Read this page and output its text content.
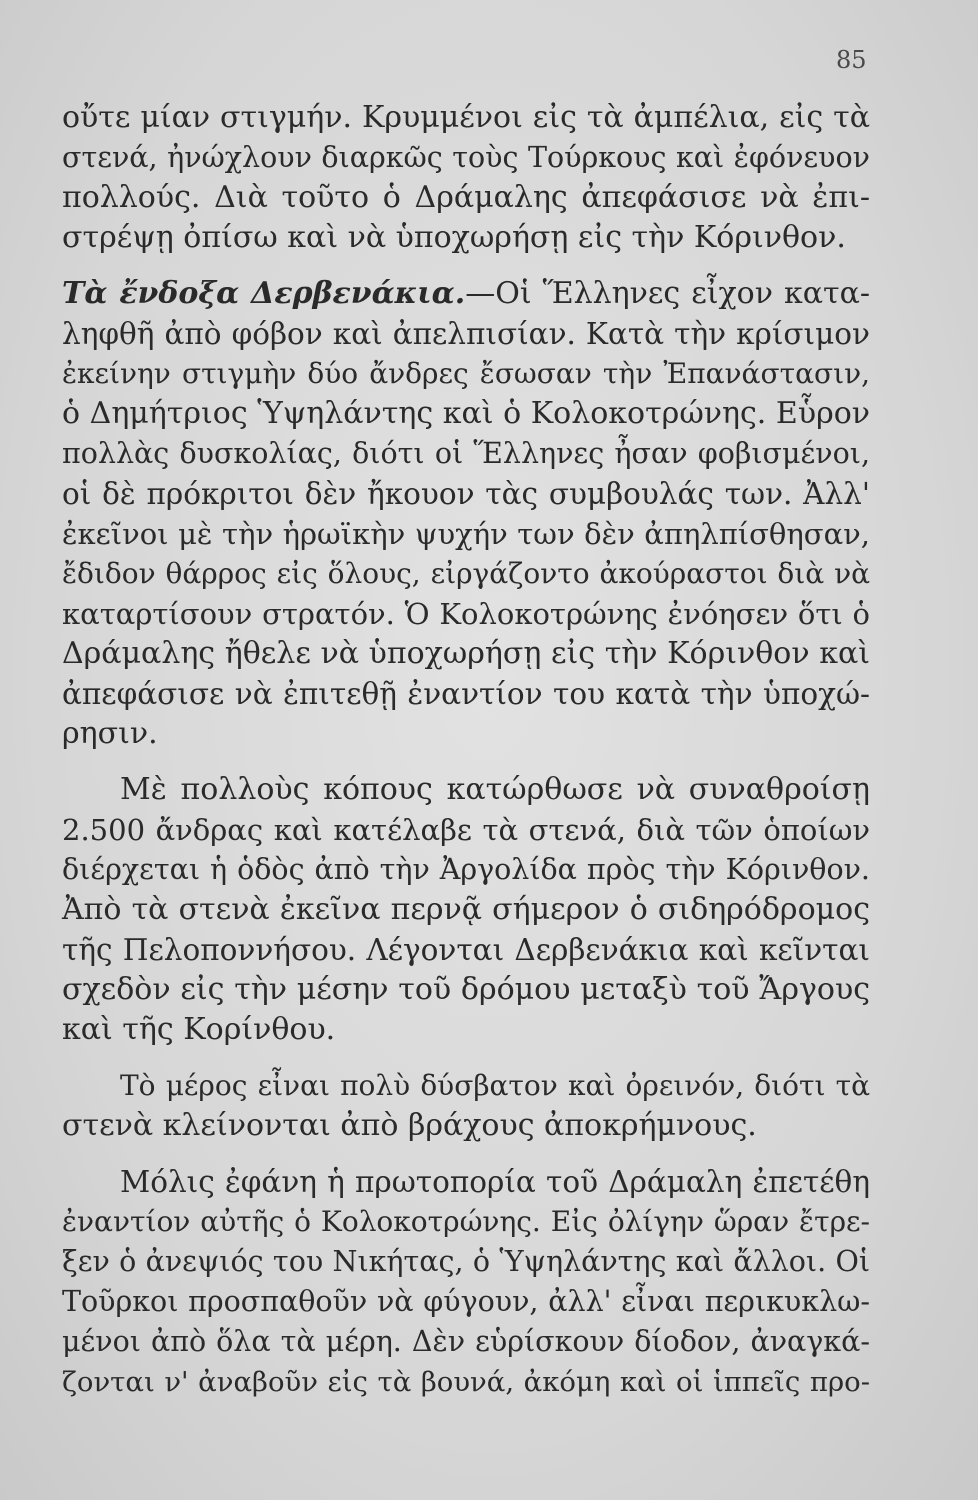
85
οὔτε μίαν στιγμήν. Κρυμμένοι εἰς τὰ ἀμπέλια, εἰς τὰ
στενά, ἠνώχλουν διαρκῶς τοὺς Τούρκους καὶ ἐφόνευον
πολλούς. Διὰ τοῦτο ὁ Δράμαλης ἀπεφάσισε νὰ ἐπι-
στρέψῃ ὀπίσω καὶ νὰ ὑποχωρήσῃ εἰς τὴν Κόρινθον.
Τὰ ἔνδοξα Δερβενάκια.—Οἱ Ἕλληνες εἶχον κατα-
ληφθῆ ἀπὸ φόβον καὶ ἀπελπισίαν. Κατὰ τὴν κρίσιμον
ἐκείνην στιγμὴν δύο ἄνδρες ἔσωσαν τὴν Ἐπανάστασιν,
ὁ Δημήτριος Ὑψηλάντης καὶ ὁ Κολοκοτρώνης. Εὗρον
πολλὰς δυσκολίας, διότι οἱ Ἕλληνες ἦσαν φοβισμένοι,
οἱ δὲ πρόκριτοι δὲν ἤκουον τὰς συμβουλάς των. Ἀλλ'
ἐκεῖνοι μὲ τὴν ἡρωϊκὴν ψυχήν των δὲν ἀπηλπίσθησαν,
ἔδιδον θάρρος εἰς ὅλους, εἰργάζοντο ἀκούραστοι διὰ νὰ
καταρτίσουν στρατόν. Ὁ Κολοκοτρώνης ἐνόησεν ὅτι ὁ
Δράμαλης ἤθελε νὰ ὑποχωρήσῃ εἰς τὴν Κόρινθον καὶ
ἀπεφάσισε νὰ ἐπιτεθῇ ἐναντίον του κατὰ τὴν ὑποχώ-
ρησιν.
Μὲ πολλοὺς κόπους κατώρθωσε νὰ συναθροίσῃ
2.500 ἄνδρας καὶ κατέλαβε τὰ στενά, διὰ τῶν ὁποίων
διέρχεται ἡ ὁδὸς ἀπὸ τὴν Ἀργολίδα πρὸς τὴν Κόρινθον.
Ἀπὸ τὰ στενὰ ἐκεῖνα περνᾷ σήμερον ὁ σιδηρόδρομος
τῆς Πελοποννήσου. Λέγονται Δερβενάκια καὶ κεῖνται
σχεδὸν εἰς τὴν μέσην τοῦ δρόμου μεταξὺ τοῦ Ἄργους
καὶ τῆς Κορίνθου.
Τὸ μέρος εἶναι πολὺ δύσβατον καὶ ὀρεινόν, διότι τὰ
στενὰ κλείνονται ἀπὸ βράχους ἀποκρήμνους.
Μόλις ἐφάνη ἡ πρωτοπορία τοῦ Δράμαλη ἐπετέθη
ἐναντίον αὐτῆς ὁ Κολοκοτρώνης. Εἰς ὀλίγην ὥραν ἔτρε-
ξεν ὁ ἀνεψιός του Νικήτας, ὁ Ὑψηλάντης καὶ ἄλλοι. Οἱ
Τοῦρκοι προσπαθοῦν νὰ φύγουν, ἀλλ' εἶναι περικυκλω-
μένοι ἀπὸ ὅλα τὰ μέρη. Δὲν εὑρίσκουν δίοδον, ἀναγκά-
ζονται ν' ἀναβοῦν εἰς τὰ βουνά, ἀκόμη καὶ οἱ ἱππεῖς προ-
